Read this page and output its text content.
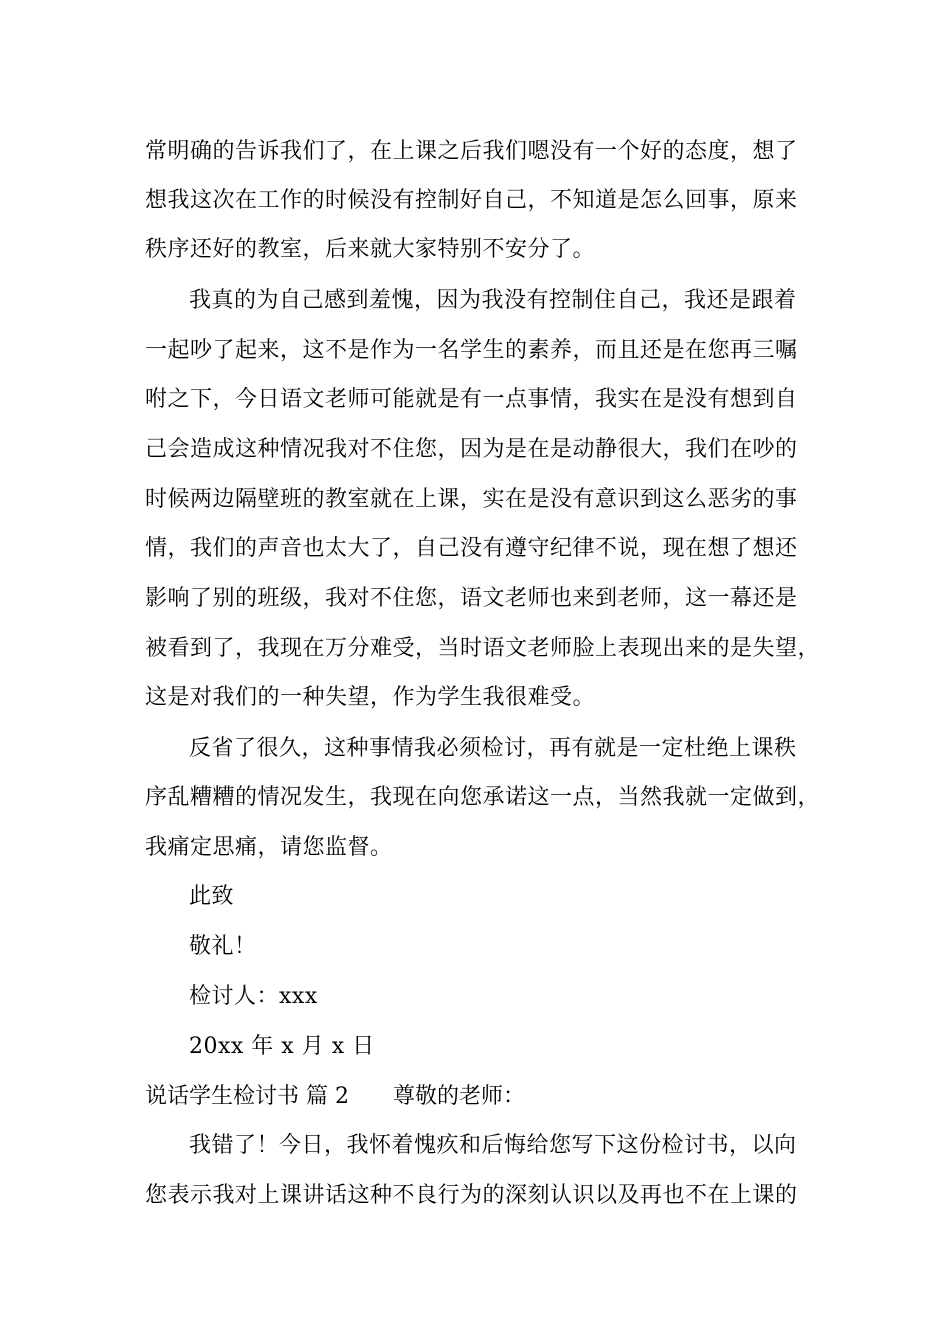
常明确的告诉我们了，在上课之后我们嗯没有一个好的态度，想了
想我这次在工作的时候没有控制好自己，不知道是怎么回事，原来
秩序还好的教室，后来就大家特别不安分了。
我真的为自己感到羞愧，因为我没有控制住自己，我还是跟着
一起吵了起来，这不是作为一名学生的素养，而且还是在您再三嘱
咐之下，今日语文老师可能就是有一点事情，我实在是没有想到自
己会造成这种情况我对不住您，因为是在是动静很大，我们在吵的
时候两边隔壁班的教室就在上课，实在是没有意识到这么恶劣的事
情，我们的声音也太大了，自己没有遵守纪律不说，现在想了想还
影响了别的班级，我对不住您，语文老师也来到老师，这一幕还是
被看到了，我现在万分难受，当时语文老师脸上表现出来的是失望，
这是对我们的一种失望，作为学生我很难受。
反省了很久，这种事情我必须检讨，再有就是一定杜绝上课秩
序乱糟糟的情况发生，我现在向您承诺这一点，当然我就一定做到，
我痛定思痛，请您监督。
此致
敬礼！
检讨人：xxx
20xx 年 x 月 x 日
说话学生检讨书 篇 2 尊敬的老师：
我错了！今日，我怀着愧疚和后悔给您写下这份检讨书，以向
您表示我对上课讲话这种不良行为的深刻认识以及再也不在上课的
